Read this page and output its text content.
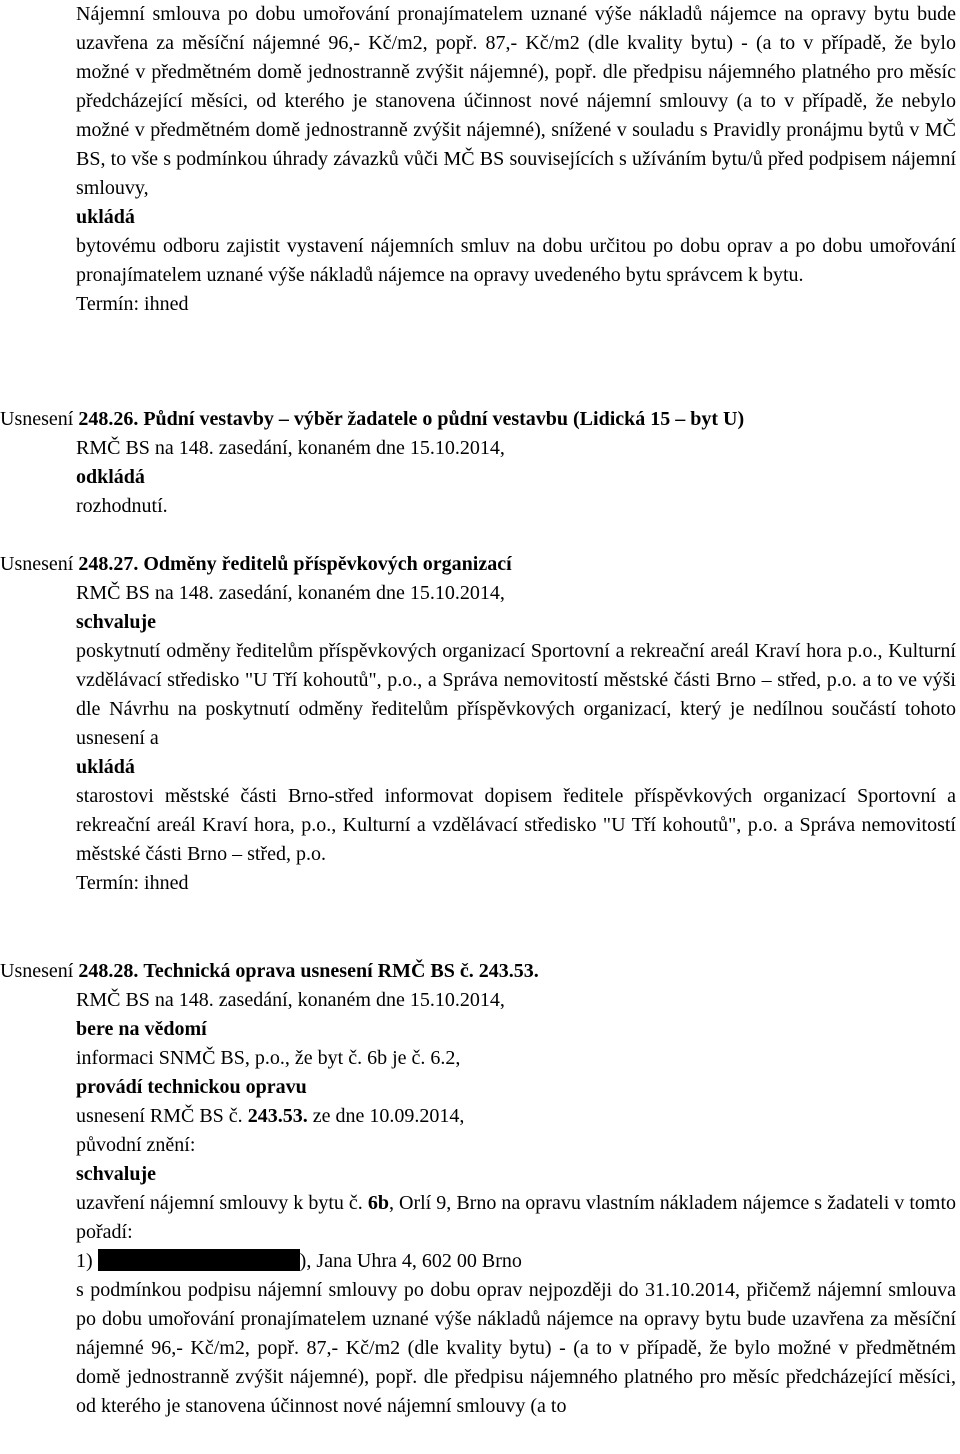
Nájemní smlouva po dobu umořování pronajímatelem uznané výše nákladů nájemce na opravy bytu bude uzavřena za měsíční nájemné 96,- Kč/m2, popř. 87,- Kč/m2 (dle kvality bytu) - (a to v případě, že bylo možné v předmětném domě jednostranně zvýšit nájemné), popř. dle předpisu nájemného platného pro měsíc předcházející měsíci, od kterého je stanovena účinnost nové nájemní smlouvy (a to v případě, že nebylo možné v předmětném domě jednostranně zvýšit nájemné), snížené v souladu s Pravidly pronájmu bytů v MČ BS, to vše s podmínkou úhrady závazků vůči MČ BS souvisejících s užíváním bytu/ů před podpisem nájemní smlouvy,

ukládá

bytovému odboru zajistit vystavení nájemních smluv na dobu určitou po dobu oprav a po dobu umořování pronajímatelem uznané výše nákladů nájemce na opravy uvedeného bytu správcem k bytu.

Termín: ihned

Usnesení 248.26. Půdní vestavby – výběr žadatele o půdní vestavbu (Lidická 15 – byt U)

RMČ BS na 148. zasedání, konaném dne 15.10.2014,

odkládá

rozhodnutí.

Usnesení 248.27. Odměny ředitelů příspěvkových organizací

RMČ BS na 148. zasedání, konaném dne 15.10.2014,

schvaluje

poskytnutí odměny ředitelům příspěvkových organizací Sportovní a rekreační areál Kraví hora p.o., Kulturní vzdělávací středisko "U Tří kohoutů", p.o., a Správa nemovitostí městské části Brno – střed, p.o. a to ve výši dle Návrhu na poskytnutí odměny ředitelům příspěvkových organizací, který je nedílnou součástí tohoto usnesení a

ukládá

starostovi městské části Brno-střed informovat dopisem ředitele příspěvkových organizací Sportovní a rekreační areál Kraví hora, p.o., Kulturní a vzdělávací středisko "U Tří kohoutů", p.o. a Správa nemovitostí městské části Brno – střed, p.o.

Termín: ihned

Usnesení 248.28. Technická oprava usnesení RMČ BS č. 243.53.

RMČ BS na 148. zasedání, konaném dne 15.10.2014,

bere na vědomí

informaci SNMČ BS, p.o., že byt č. 6b je č. 6.2,

provádí technickou opravu

usnesení RMČ BS č. 243.53. ze dne 10.09.2014,

původní znění:

schvaluje

uzavření nájemní smlouvy k bytu č. 6b, Orlí 9, Brno na opravu vlastním nákladem nájemce s žadateli v tomto pořadí:

1)	), Jana Uhra 4, 602 00 Brno

s podmínkou podpisu nájemní smlouvy po dobu oprav nejpozději do 31.10.2014, přičemž nájemní smlouva po dobu umořování pronajímatelem uznané výše nákladů nájemce na opravy bytu bude uzavřena za měsíční nájemné 96,- Kč/m2, popř. 87,- Kč/m2 (dle kvality bytu) - (a to v případě, že bylo možné v předmětném domě jednostranně zvýšit nájemné), popř. dle předpisu nájemného platného pro měsíc předcházející měsíci, od kterého je stanovena účinnost nové nájemní smlouvy (a to
